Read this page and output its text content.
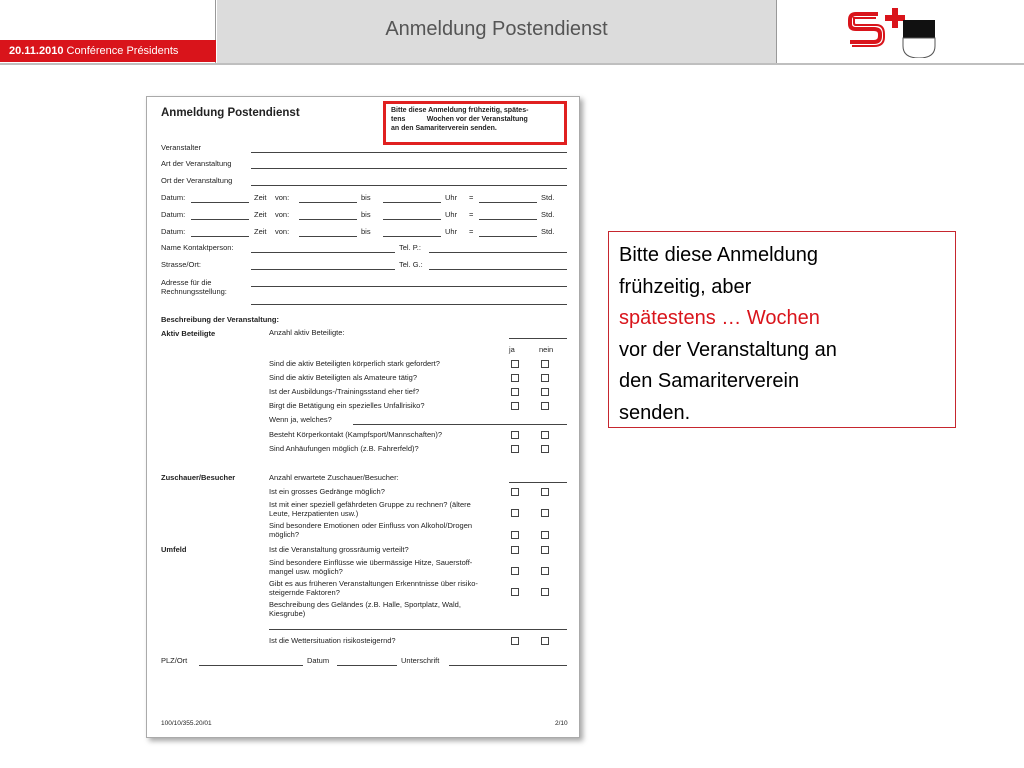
20.11.2010 Conférence Présidents
Anmeldung Postendienst
Anmeldung Postendienst	Bitte diese Anmeldung frühzeitig, spätes-
tens           Wochen vor der Veranstaltung
an den Samariterverein senden.
Veranstalter
Art der Veranstaltung
Ort der Veranstaltung
Datum:	Zeit von:	bis	Uhr =	Std.
Datum:	Zeit von:	bis	Uhr =	Std.
Datum:	Zeit von:	bis	Uhr =	Std.
Name Kontaktperson:	Tel. P.:
Strasse/Ort:	Tel. G.:
Adresse für die
Rechnungsstellung:
Beschreibung der Veranstaltung:
Aktiv Beteiligte	Anzahl aktiv Beteiligte:
ja	nein
Sind die aktiv Beteiligten körperlich stark gefordert?
Sind die aktiv Beteiligten als Amateure tätig?
Ist der Ausbildungs-/Trainingsstand eher tief?
Birgt die Betätigung ein spezielles Unfallrisiko?
Wenn ja, welches?
Besteht Körperkontakt (Kampfsport/Mannschaften)?
Sind Anhäufungen möglich (z.B. Fahrerfeld)?
Zuschauer/Besucher	Anzahl erwartete Zuschauer/Besucher:
Ist ein grosses Gedränge möglich?
Ist mit einer speziell gefährdeten Gruppe zu rechnen? (ältere
Leute, Herzpatienten usw.)
Sind besondere Emotionen oder Einfluss von Alkohol/Drogen
möglich?
Umfeld	Ist die Veranstaltung grossräumig verteilt?
Sind besondere Einflüsse wie übermässige Hitze, Sauerstoff-
mangel usw. möglich?
Gibt es aus früheren Veranstaltungen Erkenntnisse über risiko-
steigernde Faktoren?
Beschreibung des Geländes (z.B. Halle, Sportplatz, Wald,
Kiesgrube)
Ist die Wettersituation risikosteigernd?
PLZ/Ort	Datum	Unterschrift
100/10/355.20/01	2/10
Bitte diese Anmeldung
frühzeitig, aber
spätestens … Wochen
vor der Veranstaltung an
den Samariterverein
senden.
